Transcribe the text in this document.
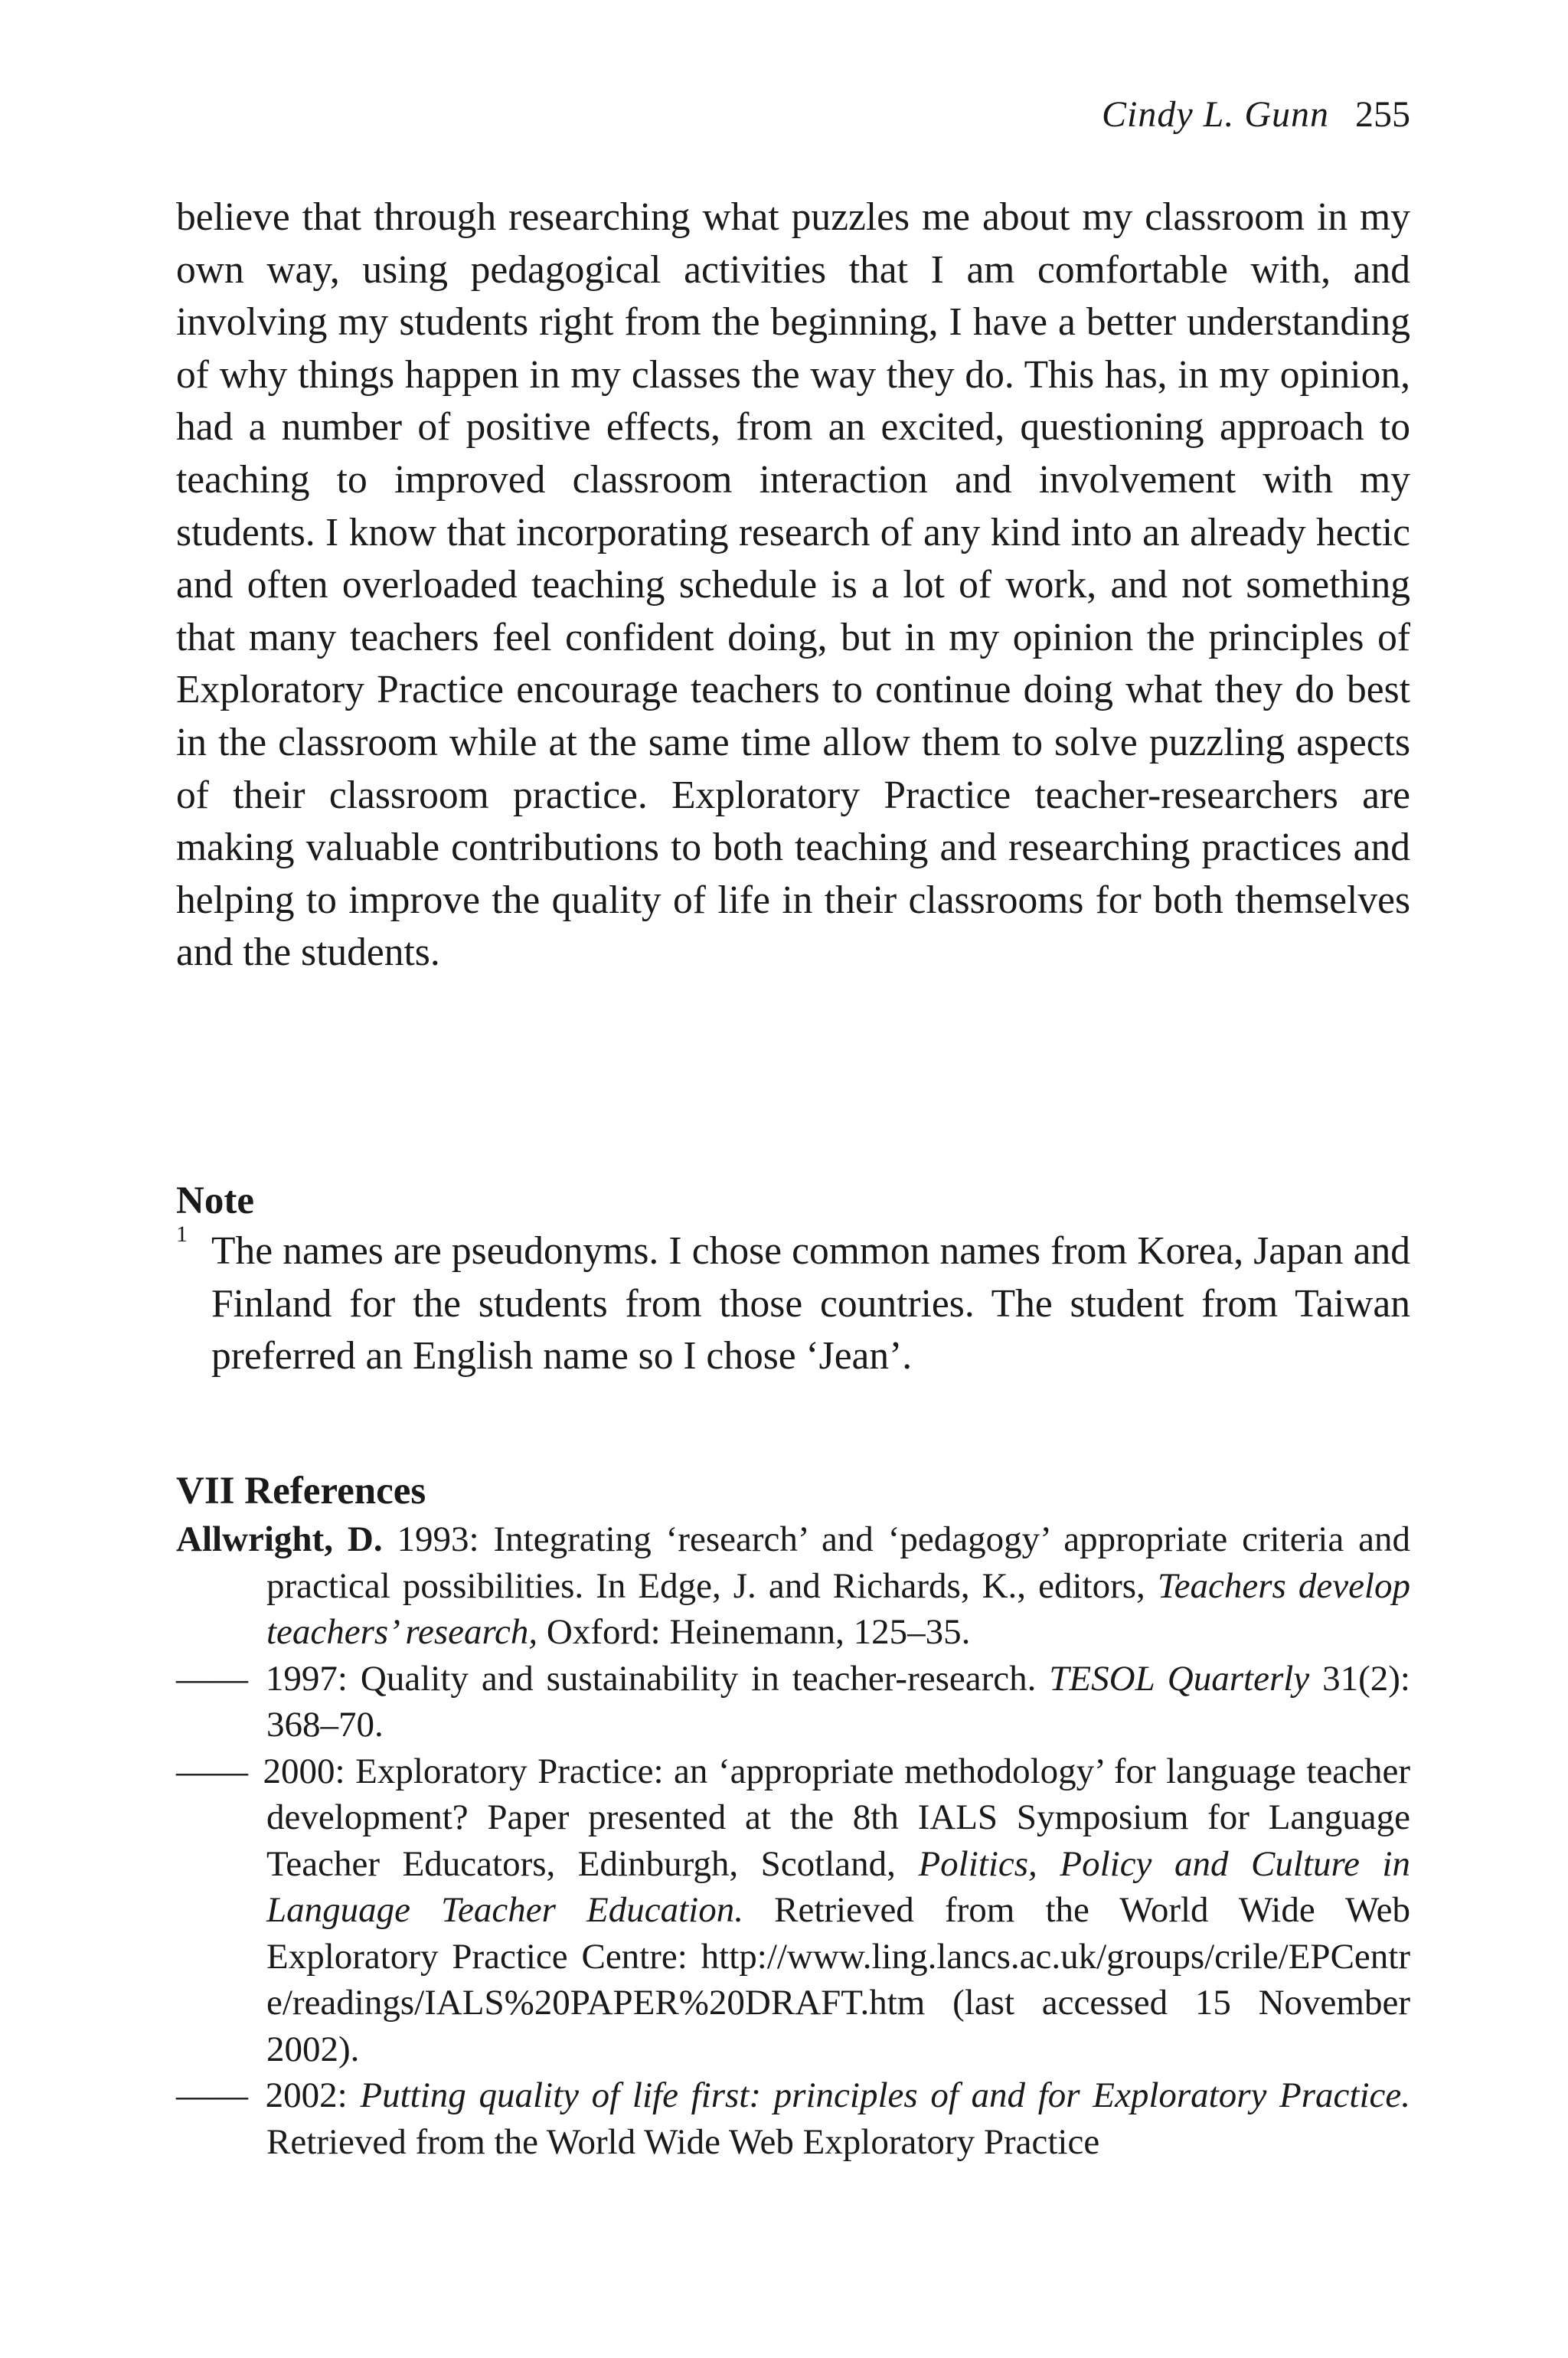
Cindy L. Gunn 255

believe that through researching what puzzles me about my classroom in my own way, using pedagogical activities that I am comfortable with, and involving my students right from the beginning, I have a better understanding of why things happen in my classes the way they do. This has, in my opinion, had a number of positive effects, from an excited, questioning approach to teaching to improved classroom interaction and involvement with my students. I know that incorporating research of any kind into an already hectic and often overloaded teaching schedule is a lot of work, and not something that many teachers feel confident doing, but in my opinion the principles of Exploratory Practice encourage teachers to continue doing what they do best in the classroom while at the same time allow them to solve puzzling aspects of their classroom practice. Exploratory Practice teacher-researchers are making valuable contributions to both teaching and researching practices and helping to improve the quality of life in their classrooms for both themselves and the students.

Note
1 The names are pseudonyms. I chose common names from Korea, Japan and Finland for the students from those countries. The student from Taiwan preferred an English name so I chose ‘Jean’.
VII References
Allwright, D. 1993: Integrating ‘research’ and ‘pedagogy’ appropriate criteria and practical possibilities. In Edge, J. and Richards, K., editors, Teachers develop teachers’ research, Oxford: Heinemann, 125–35.
—— 1997: Quality and sustainability in teacher-research. TESOL Quarterly 31(2): 368–70.
—— 2000: Exploratory Practice: an ‘appropriate methodology’ for language teacher development? Paper presented at the 8th IALS Symposium for Language Teacher Educators, Edinburgh, Scotland, Politics, Policy and Culture in Language Teacher Education. Retrieved from the World Wide Web Exploratory Practice Centre: http://www.ling.lancs.ac.uk/groups/crile/EPCentre/readings/IALS%20PAPER%20DRAFT.htm (last accessed 15 November 2002).
—— 2002: Putting quality of life first: principles of and for Exploratory Practice. Retrieved from the World Wide Web Exploratory Practice
